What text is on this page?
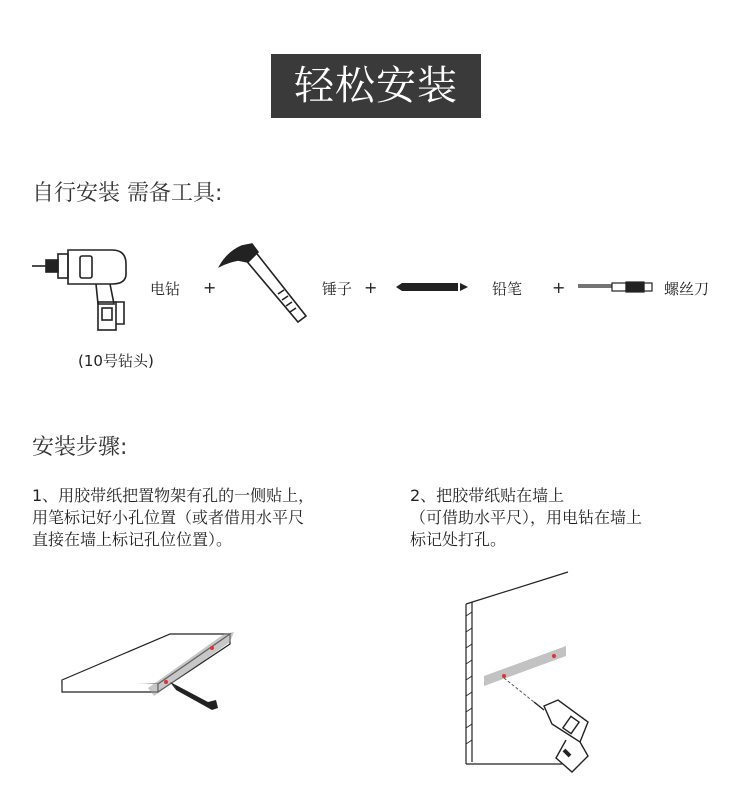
轻松安装
自行安装 需备工具:
电钻
(10号钻头)
+	锤子 +	铅笔 +	螺丝刀
安装步骤:
1、用胶带纸把置物架有孔的一侧贴上，
用笔标记好小孔位置（或者借用水平尺
直接在墙上标记孔位位置）。
2、把胶带纸贴在墙上
（可借助水平尺），用电钻在墙上
标记处打孔。
